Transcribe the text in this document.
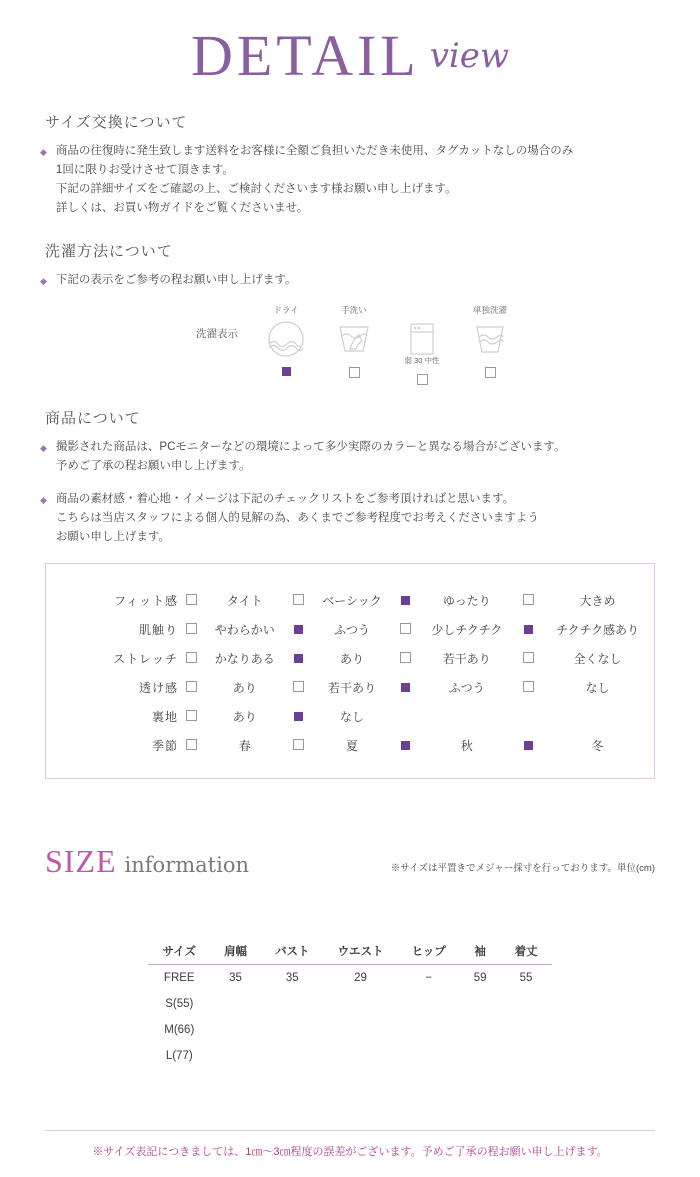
DETAIL view
サイズ交換について
◆ 商品の往復時に発生致します送料をお客様に全額ご負担いただき未使用、タグカットなしの場合のみ
1回に限りお受けさせて頂きます。
下記の詳細サイズをご確認の上、ご検討くださいます様お願い申し上げます。
詳しくは、お買い物ガイドをご覧くださいませ。
洗濯方法について
◆ 下記の表示をご参考の程お願い申し上げます。
洗濯表示
ドライ	手洗い

弱 30 中性
単独洗濯
商品について
◆ 撮影された商品は、PCモニターなどの環境によって多少実際のカラーと異なる場合がございます。
予めご了承の程お願い申し上げます。
◆ 商品の素材感・着心地・イメージは下記のチェックリストをご参考頂ければと思います。
こちらは当店スタッフによる個人的見解の為、あくまでご参考程度でお考えくださいますよう
お願い申し上げます。
フィット感		タイト		ベーシック		ゆったり		大きめ
肌触り		やわらかい		ふつう		少しチクチク		チクチク感あり
ストレッチ		かなりある		あり		若干あり		全くなし
透け感		あり		若干あり		ふつう		なし
裏地		あり		なし				
季節		春		夏		秋		冬
SIZE information	※サイズは平置きでメジャー採寸を行っております。単位(cm)
サイズ	肩幅	バスト	ウエスト	ヒップ	袖	着丈
FREE	35	35	29	−	59	55
S(55)						
M(66)						
L(77)						
※サイズ表記につきましては、1㎝～3㎝程度の誤差がございます。予めご了承の程お願い申し上げます。
